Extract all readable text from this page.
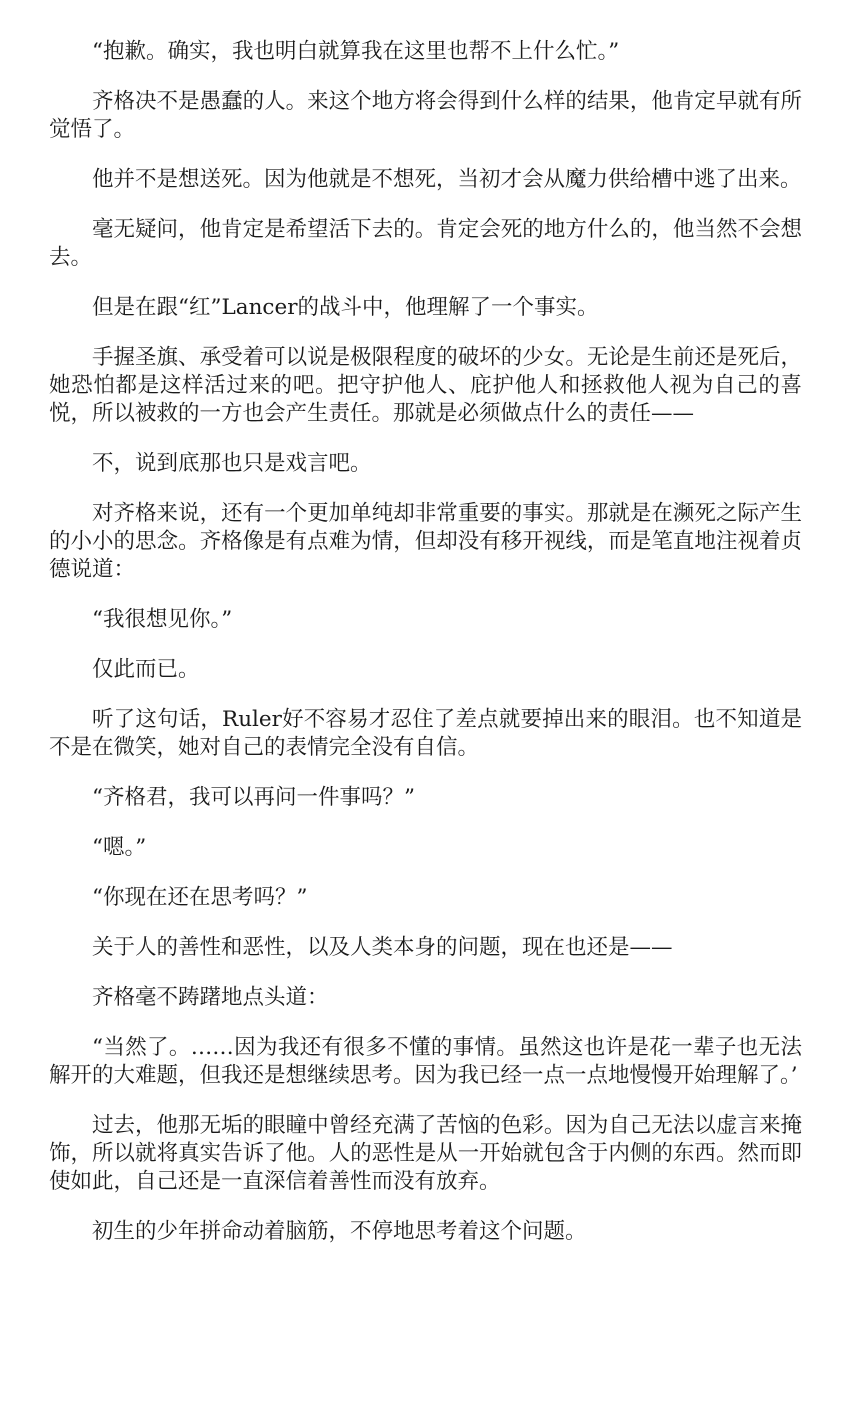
“抱歉。确实，我也明白就算我在这里也帮不上什么忙。”

齐格决不是愚蠢的人。来这个地方将会得到什么样的结果，他肯定早就有所觉悟了。

他并不是想送死。因为他就是不想死，当初才会从魔力供给槽中逃了出来。

毫无疑问，他肯定是希望活下去的。肯定会死的地方什么的，他当然不会想去。

但是在跟“红”Lancer的战斗中，他理解了一个事实。

手握圣旗、承受着可以说是极限程度的破坏的少女。无论是生前还是死后，她恐怕都是这样活过来的吧。把守护他人、庇护他人和拯救他人视为自己的喜悦，所以被救的一方也会产生责任。那就是必须做点什么的责任——

不，说到底那也只是戏言吧。

对齐格来说，还有一个更加单纯却非常重要的事实。那就是在濒死之际产生的小小的思念。齐格像是有点难为情，但却没有移开视线，而是笔直地注视着贞德说道：

“我很想见你。”

仅此而已。

听了这句话，Ruler好不容易才忍住了差点就要掉出来的眼泪。也不知道是不是在微笑，她对自己的表情完全没有自信。

“齐格君，我可以再问一件事吗？”

“嗯。”

“你现在还在思考吗？”

关于人的善性和恶性，以及人类本身的问题，现在也还是——

齐格毫不踌躇地点头道：

“当然了。……因为我还有很多不懂的事情。虽然这也许是花一辈子也无法解开的大难题，但我还是想继续思考。因为我已经一点一点地慢慢开始理解了。’

过去，他那无垢的眼瞳中曾经充满了苦恼的色彩。因为自己无法以虚言来掩饰，所以就将真实告诉了他。人的恶性是从一开始就包含于内侧的东西。然而即使如此，自己还是一直深信着善性而没有放弃。

初生的少年拼命动着脑筋，不停地思考着这个问题。
